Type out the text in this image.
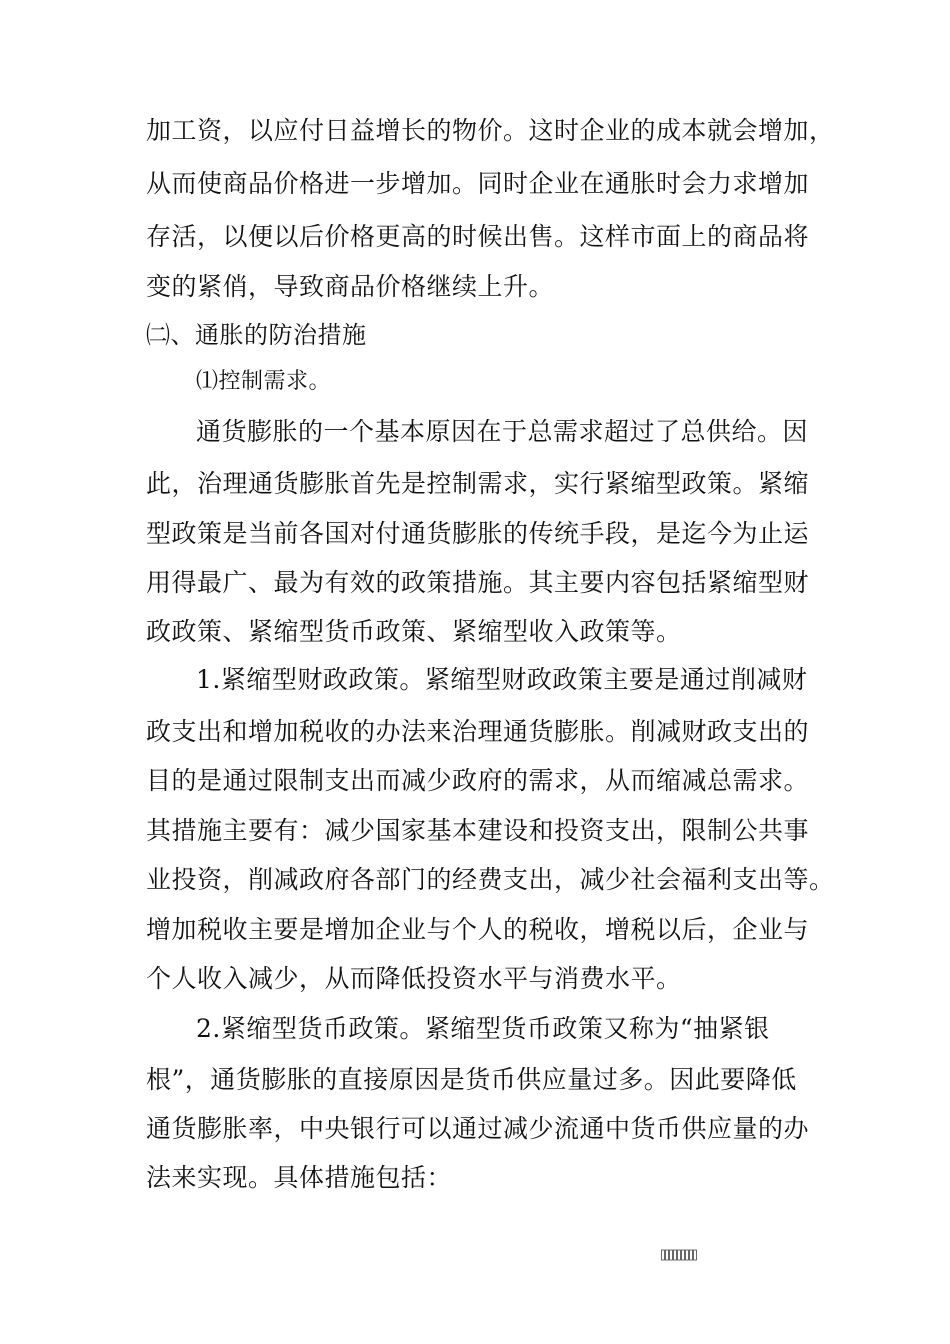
加工资，以应付日益增长的物价。这时企业的成本就会增加，
从而使商品价格进一步增加。同时企业在通胀时会力求增加
存活，以便以后价格更高的时候出售。这样市面上的商品将
变的紧俏，导致商品价格继续上升。
㈡、通胀的防治措施
⑴控制需求。
通货膨胀的一个基本原因在于总需求超过了总供给。因
此，治理通货膨胀首先是控制需求，实行紧缩型政策。紧缩
型政策是当前各国对付通货膨胀的传统手段，是迄今为止运
用得最广、最为有效的政策措施。其主要内容包括紧缩型财
政政策、紧缩型货币政策、紧缩型收入政策等。
1.紧缩型财政政策。紧缩型财政政策主要是通过削减财
政支出和增加税收的办法来治理通货膨胀。削减财政支出的
目的是通过限制支出而减少政府的需求，从而缩减总需求。
其措施主要有：减少国家基本建设和投资支出，限制公共事
业投资，削减政府各部门的经费支出，减少社会福利支出等。
增加税收主要是增加企业与个人的税收，增税以后，企业与
个人收入减少，从而降低投资水平与消费水平。
2.紧缩型货币政策。紧缩型货币政策又称为“抽紧银
根”，通货膨胀的直接原因是货币供应量过多。因此要降低
通货膨胀率，中央银行可以通过减少流通中货币供应量的办
法来实现。具体措施包括：
